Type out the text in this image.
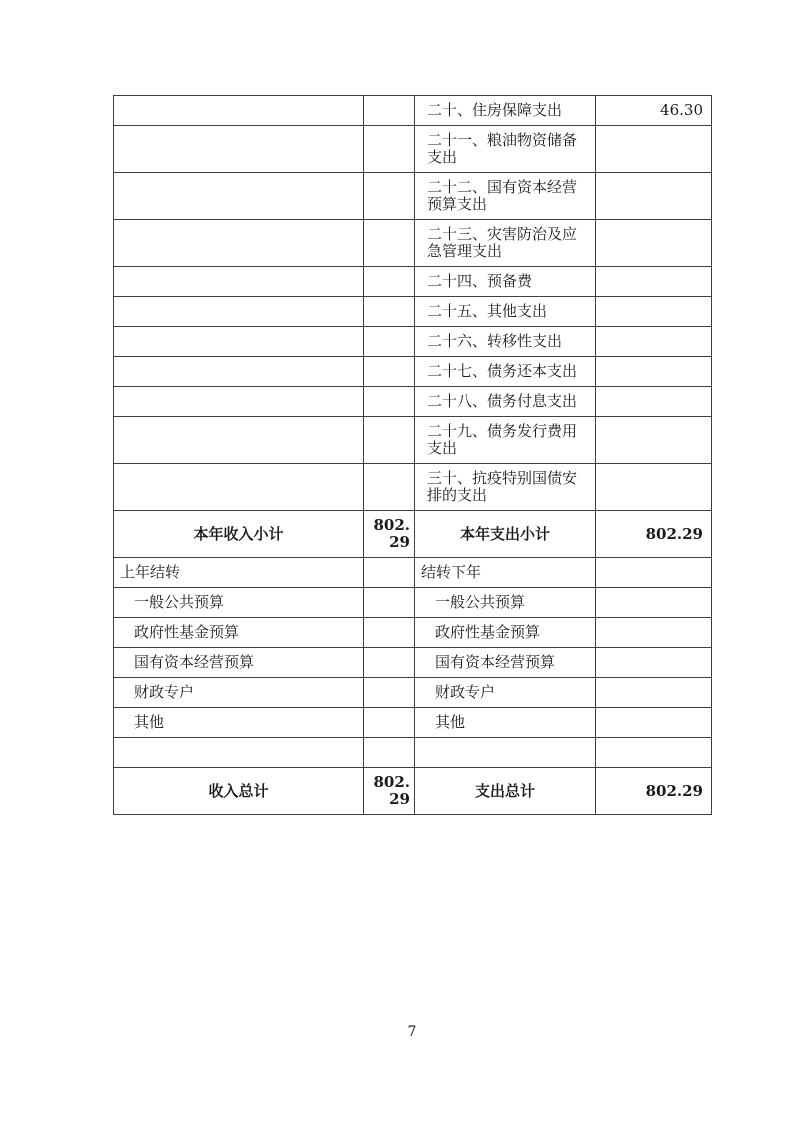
		二十、住房保障支出	46.30
		二十一、粮油物资储备支出	
		二十二、国有资本经营预算支出	
		二十三、灾害防治及应急管理支出	
		二十四、预备费	
		二十五、其他支出	
		二十六、转移性支出	
		二十七、债务还本支出	
		二十八、债务付息支出	
		二十九、债务发行费用支出	
		三十、抗疫特别国债安排的支出	
本年收入小计	802.29	本年支出小计	802.29
上年结转		结转下年	
一般公共预算		一般公共预算	
政府性基金预算		政府性基金预算	
国有资本经营预算		国有资本经营预算	
财政专户		财政专户	
其他		其他	

收入总计	802.29	支出总计	802.29
7
